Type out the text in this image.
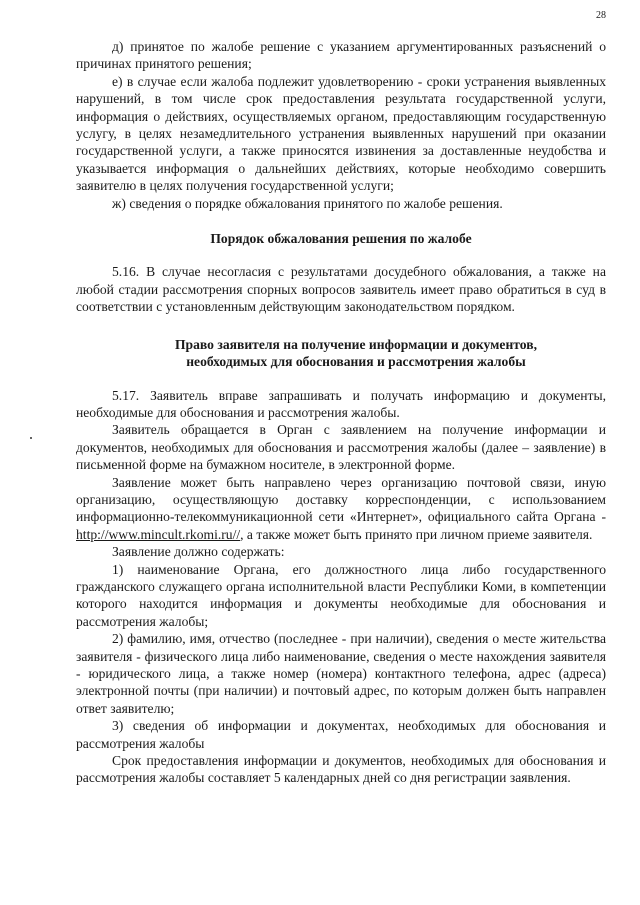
28

д) принятое по жалобе решение с указанием аргументированных разъяснений о причинах принятого решения;

е) в случае если жалоба подлежит удовлетворению - сроки устранения выявленных нарушений, в том числе срок предоставления результата государственной услуги, информация о действиях, осуществляемых органом, предоставляющим государственную услугу, в целях незамедлительного устранения выявленных нарушений при оказании государственной услуги, а также приносятся извинения за доставленные неудобства и указывается информация о дальнейших действиях, которые необходимо совершить заявителю в целях получения государственной услуги;

ж) сведения о порядке обжалования принятого по жалобе решения.

Порядок обжалования решения по жалобе

5.16. В случае несогласия с результатами досудебного обжалования, а также на любой стадии рассмотрения спорных вопросов заявитель имеет право обратиться в суд в соответствии с установленным действующим законодательством порядком.

Право заявителя на получение информации и документов,
необходимых для обоснования и рассмотрения жалобы

5.17. Заявитель вправе запрашивать и получать информацию и документы, необходимые для обоснования и рассмотрения жалобы.

Заявитель обращается в Орган с заявлением на получение информации и документов, необходимых для обоснования и рассмотрения жалобы (далее – заявление) в письменной форме на бумажном носителе, в электронной форме.

Заявление может быть направлено через организацию почтовой связи, иную организацию, осуществляющую доставку корреспонденции, с использованием информационно-телекоммуникационной сети «Интернет», официального сайта Органа - http://www.mincult.rkomi.ru//, а также может быть принято при личном приеме заявителя.

Заявление должно содержать:

1) наименование Органа, его должностного лица либо государственного гражданского служащего органа исполнительной власти Республики Коми, в компетенции которого находится информация и документы необходимые для обоснования и рассмотрения жалобы;

2) фамилию, имя, отчество (последнее - при наличии), сведения о месте жительства заявителя - физического лица либо наименование, сведения о месте нахождения заявителя - юридического лица, а также номер (номера) контактного телефона, адрес (адреса) электронной почты (при наличии) и почтовый адрес, по которым должен быть направлен ответ заявителю;

3) сведения об информации и документах, необходимых для обоснования и рассмотрения жалобы

Срок предоставления информации и документов, необходимых для обоснования и рассмотрения жалобы составляет 5 календарных дней со дня регистрации заявления.
